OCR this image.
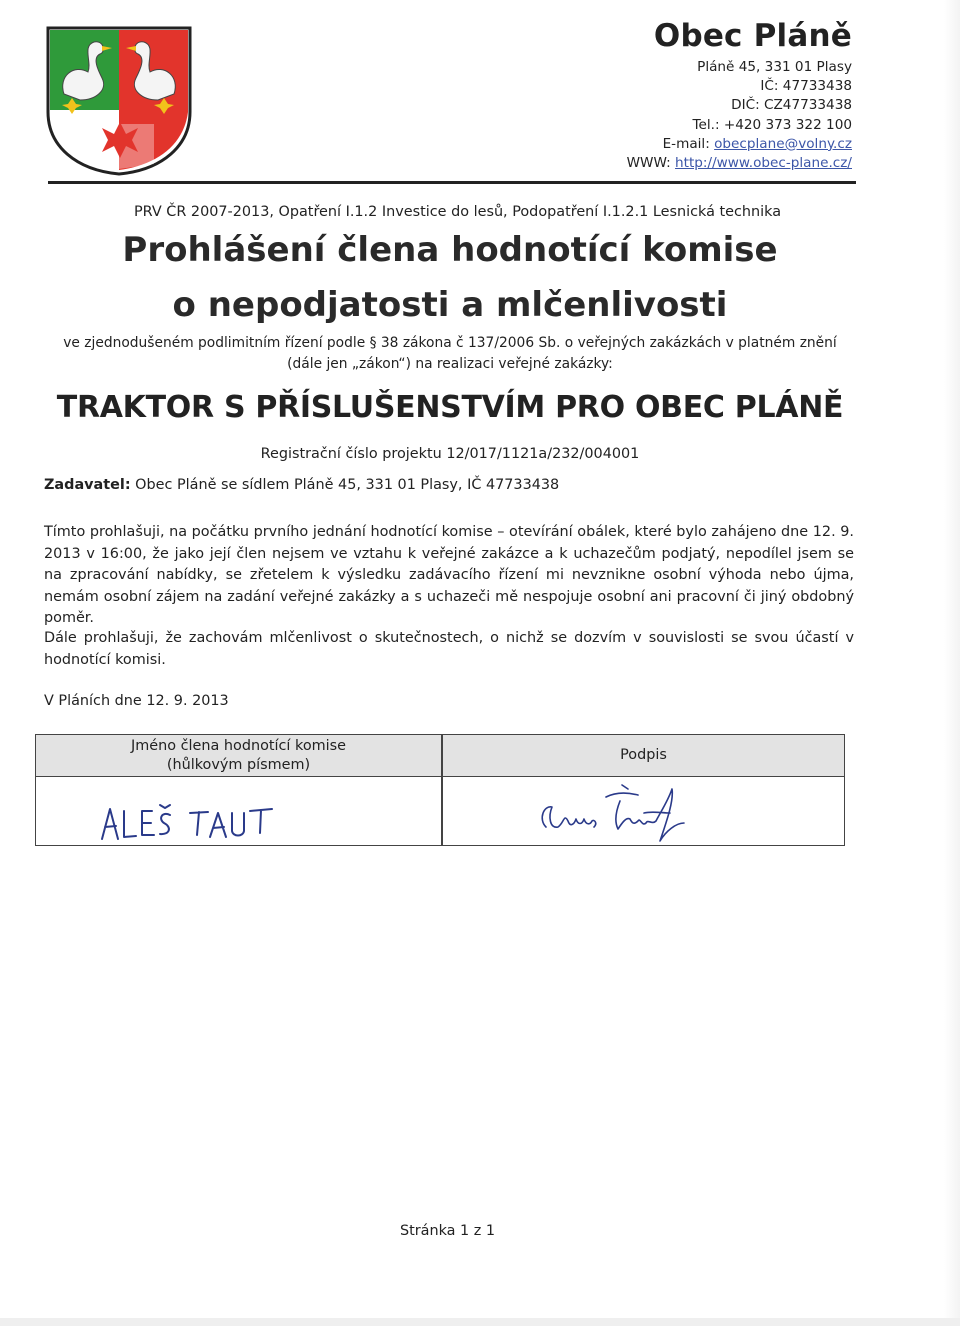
Obec Pláně
Pláně 45, 331 01 Plasy
IČ: 47733438
DIČ: CZ47733438
Tel.: +420 373 322 100
E-mail: obecplane@volny.cz
WWW: http://www.obec-plane.cz/
PRV ČR 2007-2013, Opatření I.1.2 Investice do lesů, Podopatření I.1.2.1 Lesnická technika
Prohlášení člena hodnotící komise
o nepodjatosti a mlčenlivosti
ve zjednodušeném podlimitním řízení podle § 38 zákona č 137/2006 Sb. o veřejných zakázkách v platném znění
(dále jen „zákon“) na realizaci veřejné zakázky:
TRAKTOR S PŘÍSLUŠENSTVÍM PRO OBEC PLÁNĚ
Registrační číslo projektu 12/017/1121a/232/004001
Zadavatel: Obec Pláně se sídlem Pláně 45, 331 01 Plasy, IČ 47733438
Tímto prohlašuji, na počátku prvního jednání hodnotící komise – otevírání obálek, které bylo zahájeno dne 12. 9. 2013 v 16:00, že jako její člen nejsem ve vztahu k veřejné zakázce a k uchazečům podjatý, nepodílel jsem se na zpracování nabídky, se zřetelem k výsledku zadávacího řízení mi nevznikne osobní výhoda nebo újma, nemám osobní zájem na zadání veřejné zakázky a s uchazeči mě nespojuje osobní ani pracovní či jiný obdobný poměr.
Dále prohlašuji, že zachovám mlčenlivost o skutečnostech, o nichž se dozvím v souvislosti se svou účastí v hodnotící komisi.
V Pláních dne 12. 9. 2013
Jméno člena hodnotící komise
(hůlkovým písmem)
Podpis
Stránka 1 z 1
